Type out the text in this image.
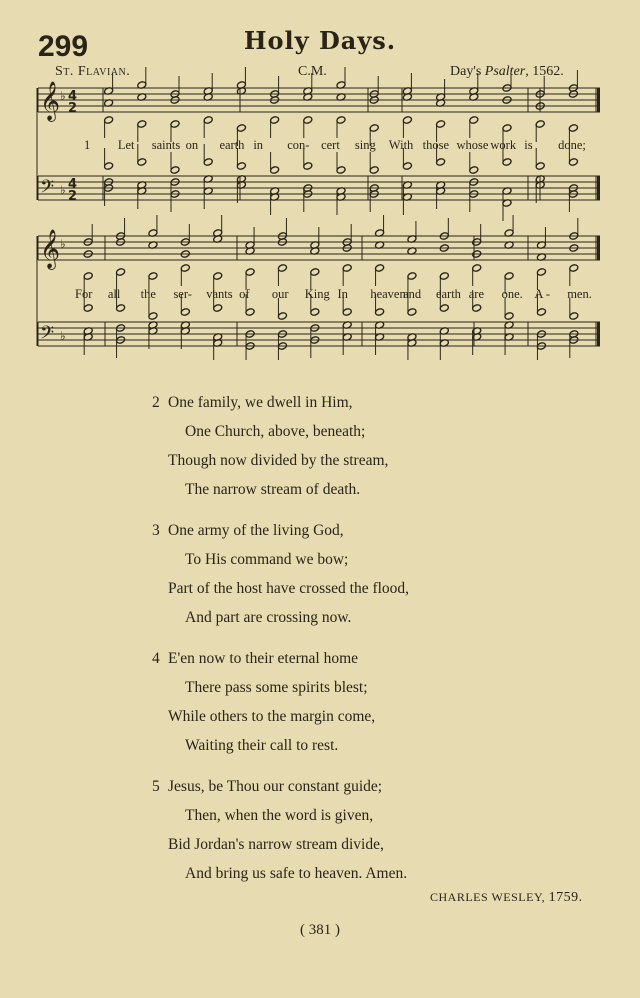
299	Holy Days.
St. Flavian.	C.M.	Day's Psalter, 1562.
𝄞 4
2
♭
𝄢 4
2
♭
𝄞 ♭
𝄢 ♭
1 Let saints on earth in con- cert sing With those whose work is done;
For all the ser- vants of our King In heaven
and earth are one. A - men.
2 One family, we dwell in Him,
One Church, above, beneath;
Though now divided by the stream,
The narrow stream of death.
3 One army of the living God,
To His command we bow;
Part of the host have crossed the flood,
And part are crossing now.
4 E'en now to their eternal home
There pass some spirits blest;
While others to the margin come,
Waiting their call to rest.
5 Jesus, be Thou our constant guide;
Then, when the word is given,
Bid Jordan's narrow stream divide,
And bring us safe to heaven. Amen.
CHARLES WESLEY, 1759.
( 381 )
